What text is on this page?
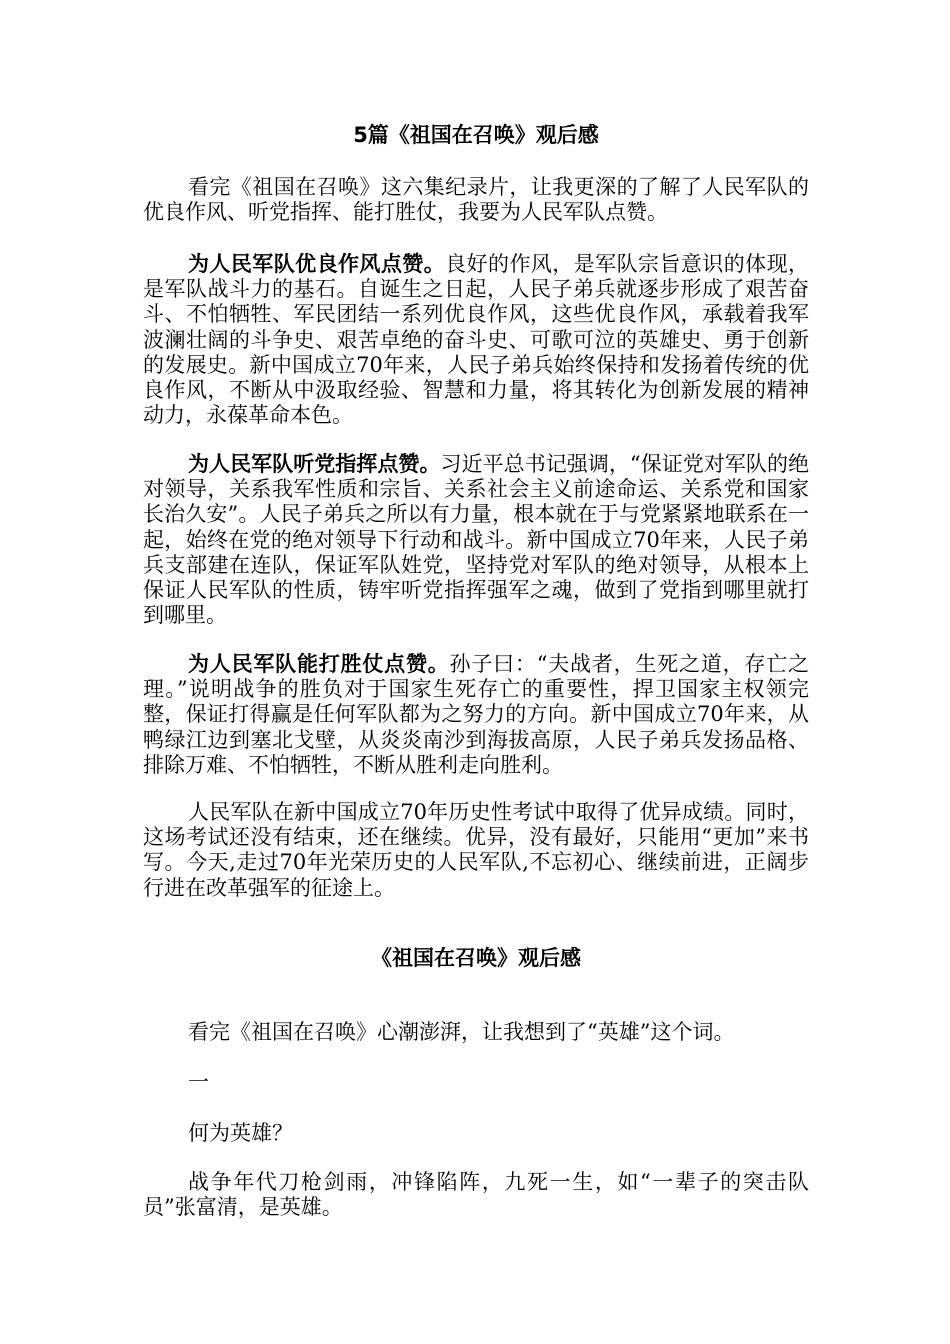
5篇《祖国在召唤》观后感

看完《祖国在召唤》这六集纪录片，让我更深的了解了人民军队的优良作风、听党指挥、能打胜仗，我要为人民军队点赞。

为人民军队优良作风点赞。良好的作风，是军队宗旨意识的体现，是军队战斗力的基石。自诞生之日起，人民子弟兵就逐步形成了艰苦奋斗、不怕牺牲、军民团结一系列优良作风，这些优良作风，承载着我军波澜壮阔的斗争史、艰苦卓绝的奋斗史、可歌可泣的英雄史、勇于创新的发展史。新中国成立70年来，人民子弟兵始终保持和发扬着传统的优良作风，不断从中汲取经验、智慧和力量，将其转化为创新发展的精神动力，永葆革命本色。

为人民军队听党指挥点赞。习近平总书记强调，“保证党对军队的绝对领导，关系我军性质和宗旨、关系社会主义前途命运、关系党和国家长治久安”。人民子弟兵之所以有力量，根本就在于与党紧紧地联系在一起，始终在党的绝对领导下行动和战斗。新中国成立70年来，人民子弟兵支部建在连队，保证军队姓党，坚持党对军队的绝对领导，从根本上保证人民军队的性质，铸牢听党指挥强军之魂，做到了党指到哪里就打到哪里。

为人民军队能打胜仗点赞。孙子曰：“夫战者，生死之道，存亡之理。”说明战争的胜负对于国家生死存亡的重要性，捍卫国家主权领完整，保证打得赢是任何军队都为之努力的方向。新中国成立70年来，从鸭绿江边到塞北戈壁，从炎炎南沙到海拔高原，人民子弟兵发扬品格、排除万难、不怕牺牲，不断从胜利走向胜利。

人民军队在新中国成立70年历史性考试中取得了优异成绩。同时，这场考试还没有结束，还在继续。优异，没有最好，只能用“更加”来书写。今天,走过70年光荣历史的人民军队,不忘初心、继续前进，正阔步行进在改革强军的征途上。

《祖国在召唤》观后感

看完《祖国在召唤》心潮澎湃，让我想到了“英雄”这个词。

一

何为英雄？

战争年代刀枪剑雨，冲锋陷阵，九死一生，如“一辈子的突击队员”张富清，是英雄。
